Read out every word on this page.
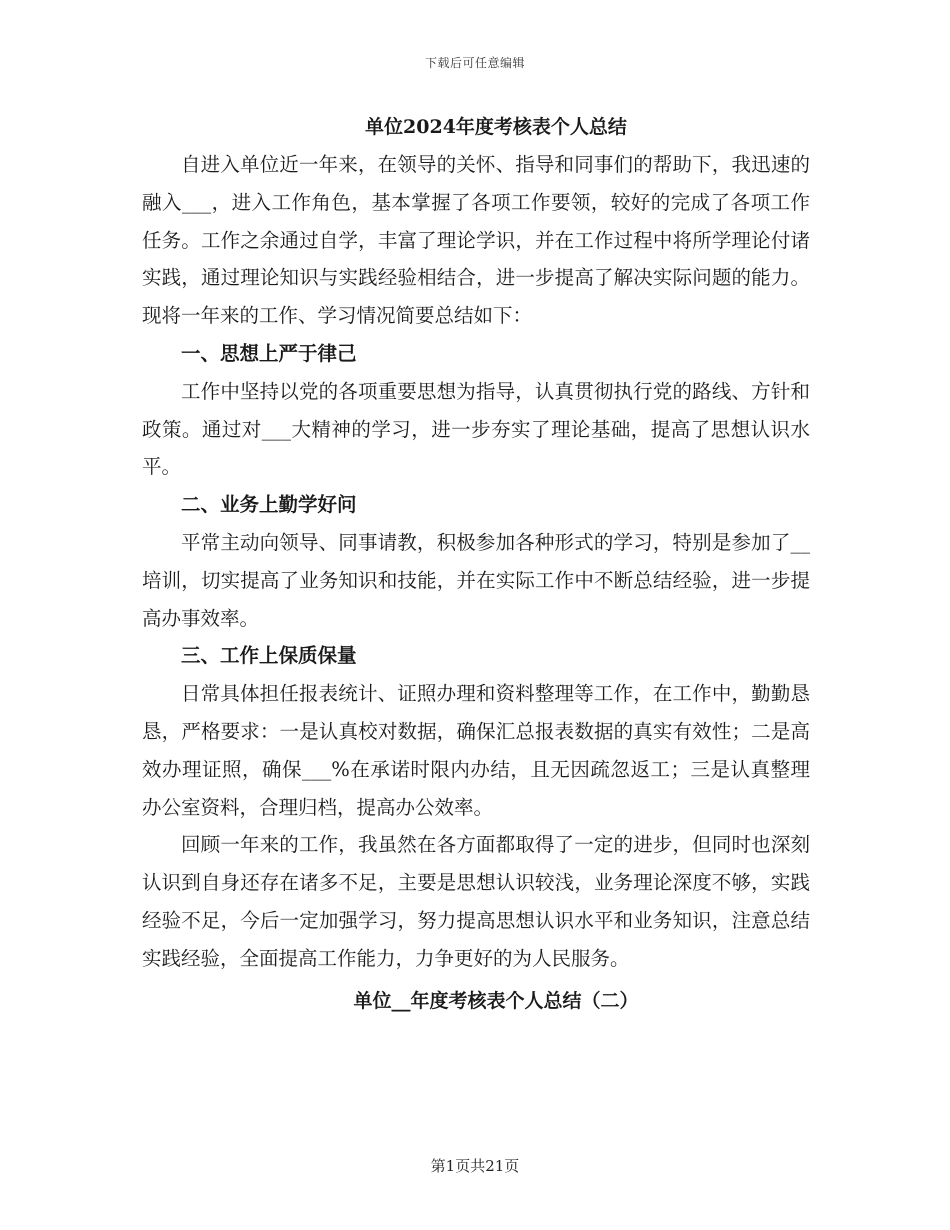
下载后可任意编辑

单位2024年度考核表个人总结

自进入单位近一年来，在领导的关怀、指导和同事们的帮助下，我迅速的融入___，进入工作角色，基本掌握了各项工作要领，较好的完成了各项工作任务。工作之余通过自学，丰富了理论学识，并在工作过程中将所学理论付诸实践，通过理论知识与实践经验相结合，进一步提高了解决实际问题的能力。现将一年来的工作、学习情况简要总结如下：

一、思想上严于律己

工作中坚持以党的各项重要思想为指导，认真贯彻执行党的路线、方针和政策。通过对___大精神的学习，进一步夯实了理论基础，提高了思想认识水平。

二、业务上勤学好问

平常主动向领导、同事请教，积极参加各种形式的学习，特别是参加了__培训，切实提高了业务知识和技能，并在实际工作中不断总结经验，进一步提高办事效率。

三、工作上保质保量

日常具体担任报表统计、证照办理和资料整理等工作，在工作中，勤勤恳恳，严格要求：一是认真校对数据，确保汇总报表数据的真实有效性；二是高效办理证照，确保___%在承诺时限内办结，且无因疏忽返工；三是认真整理办公室资料，合理归档，提高办公效率。

回顾一年来的工作，我虽然在各方面都取得了一定的进步，但同时也深刻认识到自身还存在诸多不足，主要是思想认识较浅，业务理论深度不够，实践经验不足，今后一定加强学习，努力提高思想认识水平和业务知识，注意总结实践经验，全面提高工作能力，力争更好的为人民服务。

单位__年度考核表个人总结（二）

第1页共21页
